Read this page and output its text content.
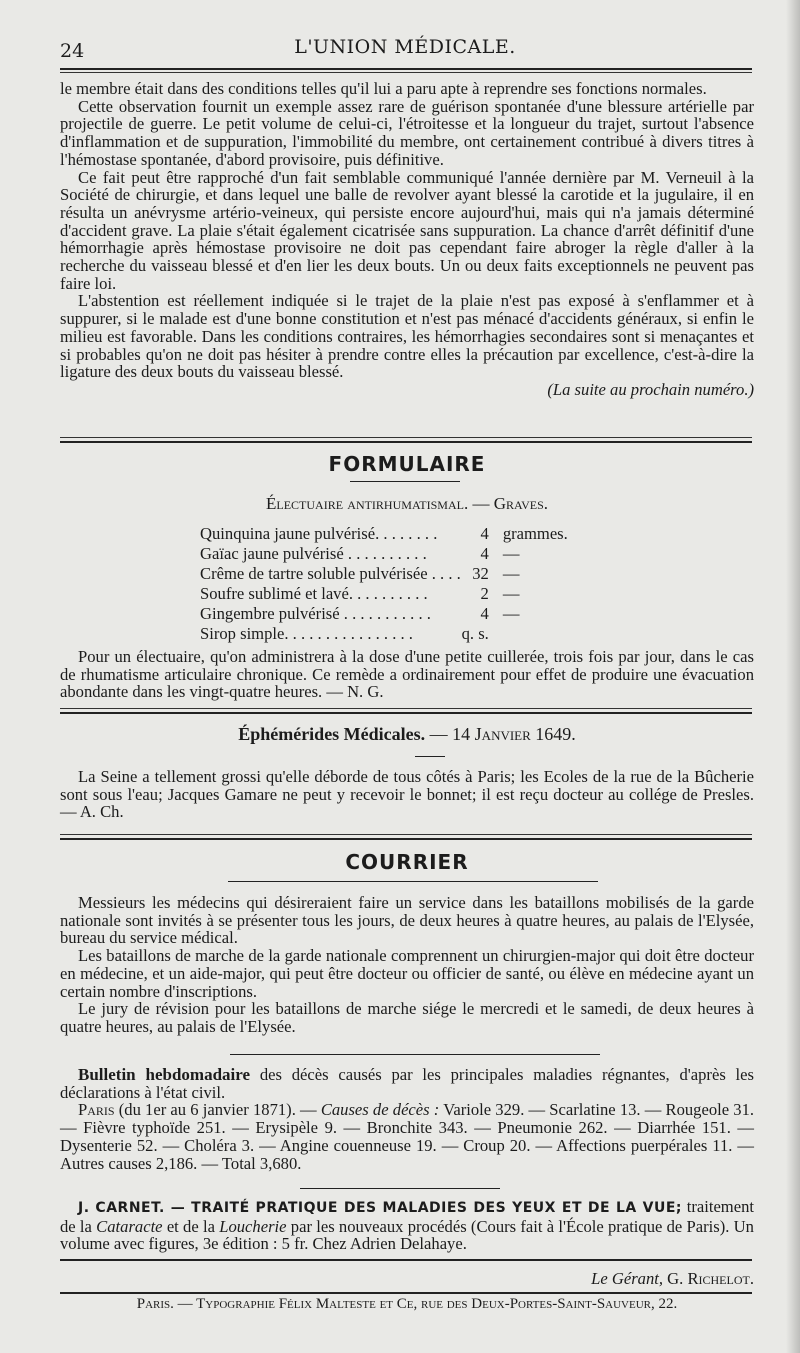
24	L'UNION MÉDICALE.

le membre était dans des conditions telles qu'il lui a paru apte à reprendre ses fonctions normales.

Cette observation fournit un exemple assez rare de guérison spontanée d'une blessure artérielle par projectile de guerre. Le petit volume de celui-ci, l'étroitesse et la longueur du trajet, surtout l'absence d'inflammation et de suppuration, l'immobilité du membre, ont certainement contribué à divers titres à l'hémostase spontanée, d'abord provisoire, puis définitive.

Ce fait peut être rapproché d'un fait semblable communiqué l'année dernière par M. Verneuil à la Société de chirurgie, et dans lequel une balle de revolver ayant blessé la carotide et la jugulaire, il en résulta un anévrysme artério-veineux, qui persiste encore aujourd'hui, mais qui n'a jamais déterminé d'accident grave. La plaie s'était également cicatrisée sans suppuration. La chance d'arrêt définitif d'une hémorrhagie après hémostase provisoire ne doit pas cependant faire abroger la règle d'aller à la recherche du vaisseau blessé et d'en lier les deux bouts. Un ou deux faits exceptionnels ne peuvent pas faire loi.

L'abstention est réellement indiquée si le trajet de la plaie n'est pas exposé à s'enflammer et à suppurer, si le malade est d'une bonne constitution et n'est pas ménacé d'accidents généraux, si enfin le milieu est favorable. Dans les conditions contraires, les hémorrhagies secondaires sont si menaçantes et si probables qu'on ne doit pas hésiter à prendre contre elles la précaution par excellence, c'est-à-dire la ligature des deux bouts du vaisseau blessé.

(La suite au prochain numéro.)

FORMULAIRE
Électuaire antirhumatismal. — Graves.
Quinquina jaune pulvérisé. . . . . . . .	4	grammes.
Gaïac jaune pulvérisé . . . . . . . . . .	4	—
Crême de tartre soluble pulvérisée . . . .	32	—
Soufre sublimé et lavé. . . . . . . . . .	2	—
Gingembre pulvérisé . . . . . . . . . . .	4	—
Sirop simple. . . . . . . . . . . . . . . .	q. s.	

Pour un électuaire, qu'on administrera à la dose d'une petite cuillerée, trois fois par jour, dans le cas de rhumatisme articulaire chronique. Ce remède a ordinairement pour effet de produire une évacuation abondante dans les vingt-quatre heures. — N. G.

Éphémérides Médicales. — 14 Janvier 1649.

La Seine a tellement grossi qu'elle déborde de tous côtés à Paris; les Ecoles de la rue de la Bûcherie sont sous l'eau; Jacques Gamare ne peut y recevoir le bonnet; il est reçu docteur au collége de Presles. — A. Ch.

COURRIER

Messieurs les médecins qui désireraient faire un service dans les bataillons mobilisés de la garde nationale sont invités à se présenter tous les jours, de deux heures à quatre heures, au palais de l'Elysée, bureau du service médical.

Les bataillons de marche de la garde nationale comprennent un chirurgien-major qui doit être docteur en médecine, et un aide-major, qui peut être docteur ou officier de santé, ou élève en médecine ayant un certain nombre d'inscriptions.

Le jury de révision pour les bataillons de marche siége le mercredi et le samedi, de deux heures à quatre heures, au palais de l'Elysée.

Bulletin hebdomadaire des décès causés par les principales maladies régnantes, d'après les déclarations à l'état civil.

Paris (du 1er au 6 janvier 1871). — Causes de décès : Variole 329. — Scarlatine 13. — Rougeole 31. — Fièvre typhoïde 251. — Erysipèle 9. — Bronchite 343. — Pneumonie 262. — Diarrhée 151. — Dysenterie 52. — Choléra 3. — Angine couenneuse 19. — Croup 20. — Affections puerpérales 11. — Autres causes 2,186. — Total 3,680.

J. CARNET. — TRAITÉ PRATIQUE DES MALADIES DES YEUX ET DE LA VUE; traitement de la Cataracte et de la Loucherie par les nouveaux procédés (Cours fait à l'École pratique de Paris). Un volume avec figures, 3e édition : 5 fr. Chez Adrien Delahaye.

Le Gérant, G. Richelot.
Paris. — Typographie Félix Malteste et Ce, rue des Deux-Portes-Saint-Sauveur, 22.
